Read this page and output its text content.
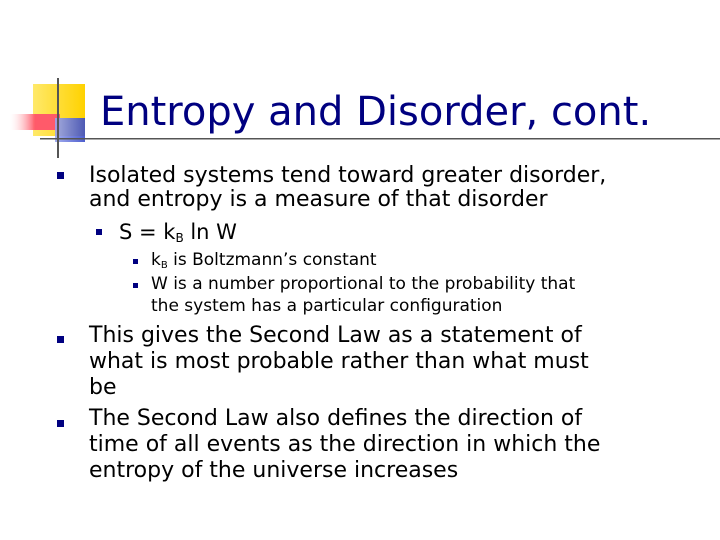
Entropy and Disorder, cont.
Isolated systems tend toward greater disorder,
and entropy is a measure of that disorder
$S = k_B$ ln W
kB is Boltzmann’s constant
W is a number proportional to the probability that
the system has a particular configuration
This gives the Second Law as a statement of
what is most probable rather than what must
be
The Second Law also defines the direction of
time of all events as the direction in which the
entropy of the universe increases
